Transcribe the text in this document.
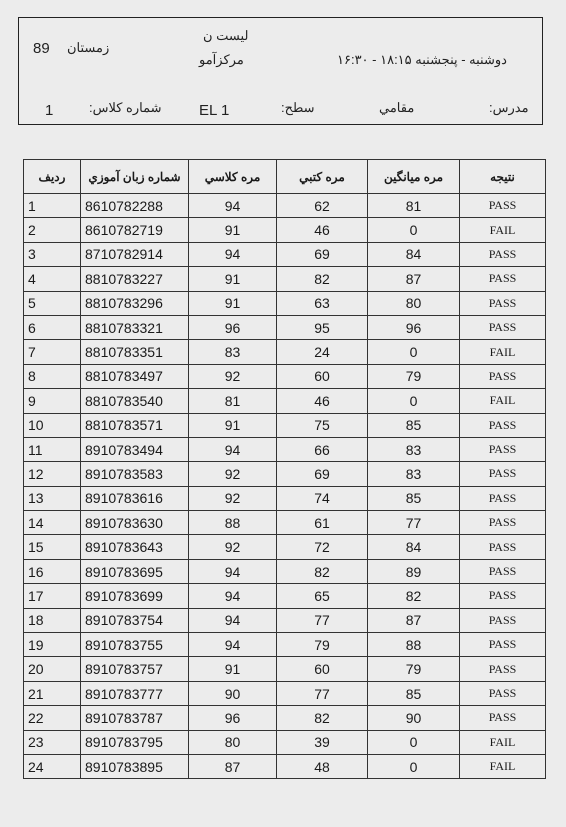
89 زمستان
لیست ن
مرکزآمو	دوشنبه - پنجشنبه ۱۸:۱۵ - ۱۶:۳۰
1	شماره کلاس:	EL 1	سطح:	مقامي	مدرس:
رديف	شماره زبان آموزي	مره کلاسي	مره کتبي	مره ميانگين	نتيجه
1	8610782288	94	62	81	PASS
2	8610782719	91	46	0	FAIL
3	8710782914	94	69	84	PASS
4	8810783227	91	82	87	PASS
5	8810783296	91	63	80	PASS
6	8810783321	96	95	96	PASS
7	8810783351	83	24	0	FAIL
8	8810783497	92	60	79	PASS
9	8810783540	81	46	0	FAIL
10	8810783571	91	75	85	PASS
11	8910783494	94	66	83	PASS
12	8910783583	92	69	83	PASS
13	8910783616	92	74	85	PASS
14	8910783630	88	61	77	PASS
15	8910783643	92	72	84	PASS
16	8910783695	94	82	89	PASS
17	8910783699	94	65	82	PASS
18	8910783754	94	77	87	PASS
19	8910783755	94	79	88	PASS
20	8910783757	91	60	79	PASS
21	8910783777	90	77	85	PASS
22	8910783787	96	82	90	PASS
23	8910783795	80	39	0	FAIL
24	8910783895	87	48	0	FAIL
